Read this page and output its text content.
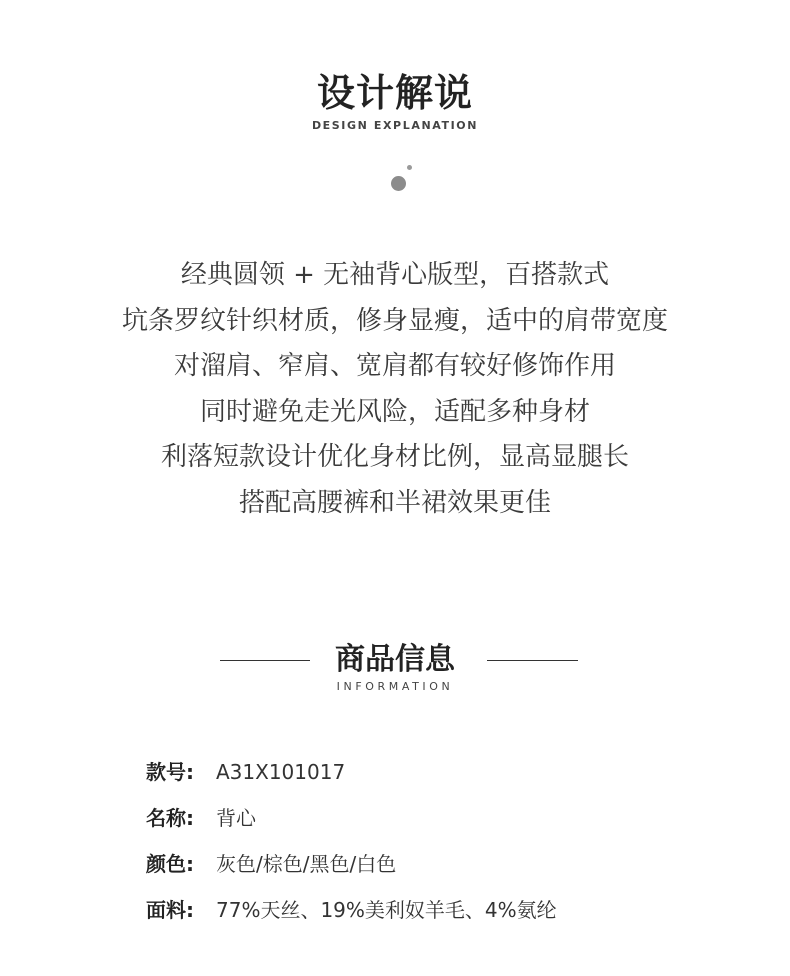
设计解说
DESIGN EXPLANATION
经典圆领 + 无袖背心版型，百搭款式
坑条罗纹针织材质，修身显瘦，适中的肩带宽度
对溜肩、窄肩、宽肩都有较好修饰作用
同时避免走光风险，适配多种身材
利落短款设计优化身材比例，显高显腿长
搭配高腰裤和半裙效果更佳
商品信息
INFORMATION
款号: A31X101017
名称: 背心
颜色: 灰色/棕色/黑色/白色
面料: 77%天丝、19%美利奴羊毛、4%氨纶
